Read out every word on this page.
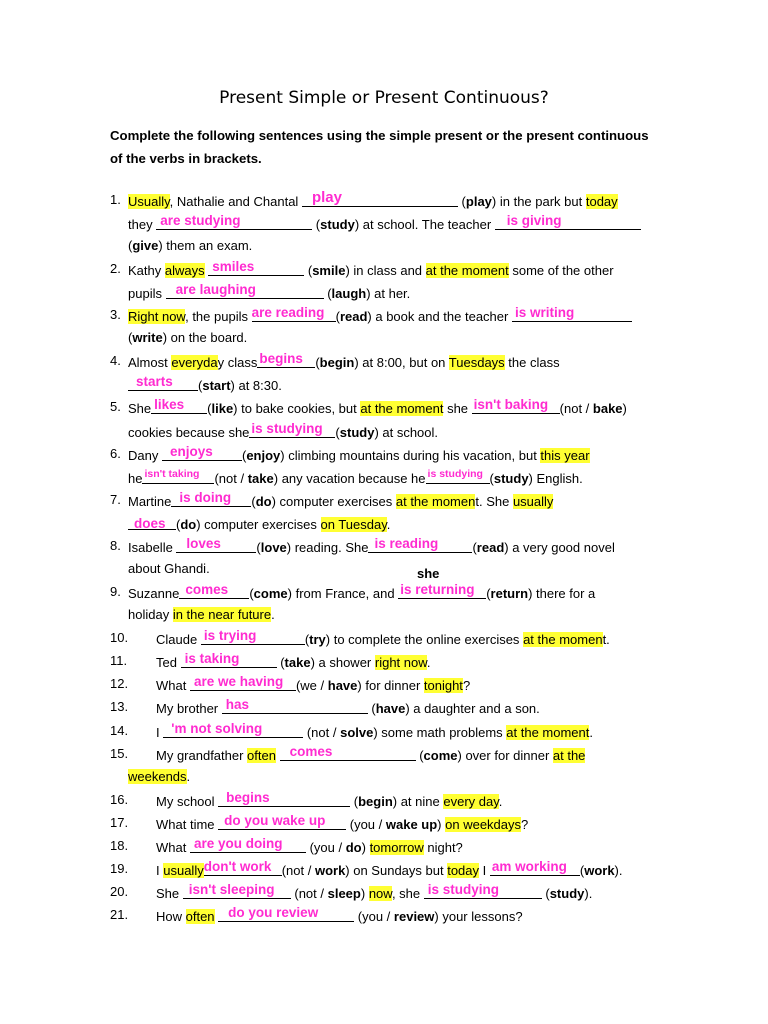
Present Simple or Present Continuous?
Complete the following sentences using the simple present or the present continuous of the verbs in brackets.
1. Usually, Nathalie and Chantal play	(play) in the park but today
they are studying	(study) at school. The teacher is giving
(give) them an exam.
2. Kathy always smiles	(smile) in class and at the moment some of the other
pupils are laughing	(laugh) at her.
3. Right now, the pupils are reading (read) a book and the teacher is writing
(write) on the board.
4. Almost everyday class begins (begin) at 8:00, but on Tuesdays the class
starts (start) at 8:30.
5. She likes (like) to bake cookies, but at the moment she isn't baking (not / bake)
cookies because she is studying (study) at school.
6. Dany enjoys (enjoy) climbing mountains during his vacation, but this year
he isn't taking (not / take) any vacation because he is studying (study) English.
7. Martine is doing (do) computer exercises at the moment. She usually
does (do) computer exercises on Tuesday.
8. Isabelle loves	(love) reading. She is reading	(read) a very good novel
about Ghandi.	she
9. Suzanne comes (come) from France, and is returning (return) there for a
holiday in the near future.
10. Claude is trying	(try) to complete the online exercises at the moment.
11. Ted is taking	(take) a shower right now.
12. What are we having (we / have) for dinner tonight?
13. My brother has	(have) a daughter and a son.
14. I 'm not solving	(not / solve) some math problems at the moment.
15. My grandfather often comes	(come) over for dinner at the
weekends.
16. My school begins	(begin) at nine every day.
17. What time do you wake up (you / wake up) on weekdays?
18. What are you doing (you / do) tomorrow night?
19. I usually don't work (not / work) on Sundays but today I am working (work).
20. She isn't sleeping (not / sleep) now, she is studying	(study).
21. How often do you review	(you / review) your lessons?
